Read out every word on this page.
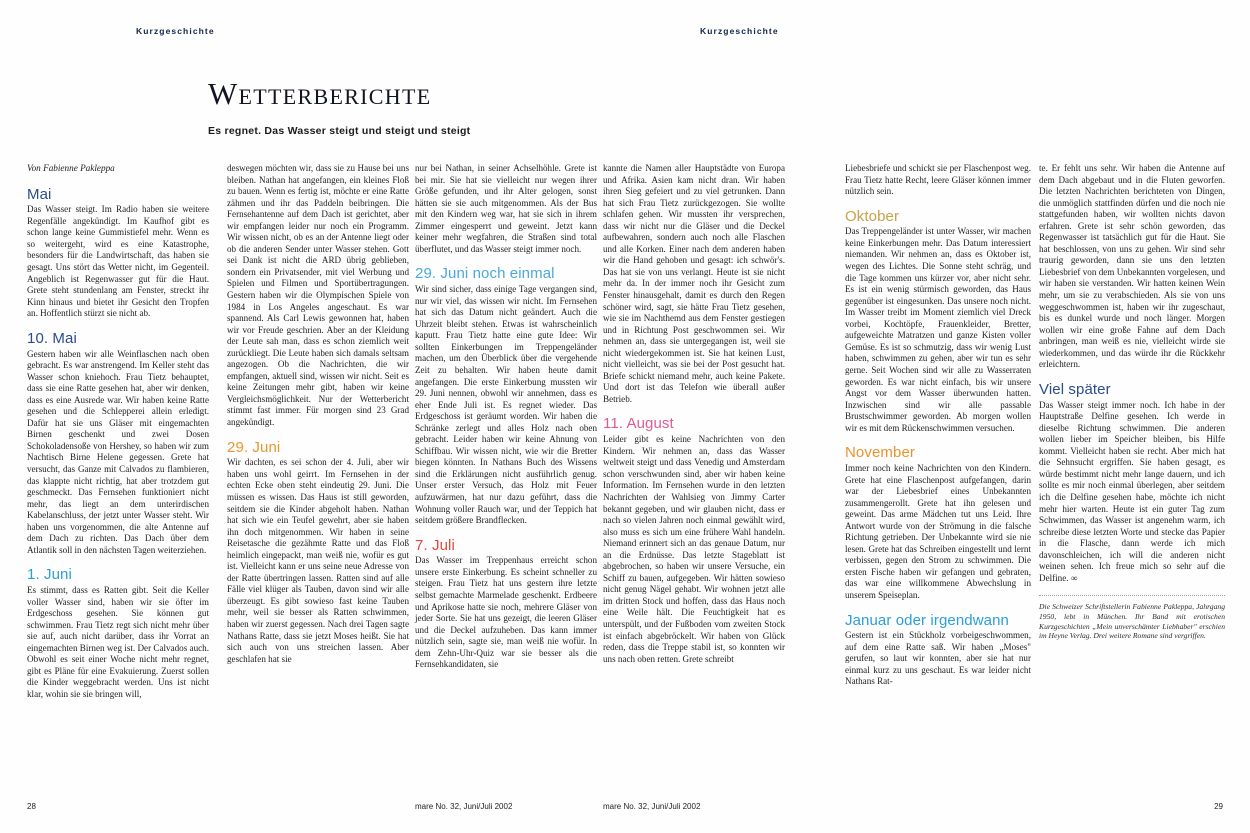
Kurzgeschichte	Kurzgeschichte
Wetterberichte
Es regnet. Das Wasser steigt und steigt und steigt
Von Fabienne Pakleppa
Mai

Das Wasser steigt. Im Radio haben sie weitere Regenfälle angekündigt. Im Kaufhof gibt es schon lange keine Gummistiefel mehr. Wenn es so weitergeht, wird es eine Katastrophe, besonders für die Landwirtschaft, das haben sie gesagt. Uns stört das Wetter nicht, im Gegenteil. Angeblich ist Regenwasser gut für die Haut. Grete steht stundenlang am Fenster, streckt ihr Kinn hinaus und bietet ihr Gesicht den Tropfen an. Hoffentlich stürzt sie nicht ab.

10. Mai

Gestern haben wir alle Weinflaschen nach oben gebracht. Es war anstrengend. Im Keller steht das Wasser schon kniehoch. Frau Tietz behauptet, dass sie eine Ratte gesehen hat, aber wir denken, dass es eine Ausrede war. Wir haben keine Ratte gesehen und die Schlepperei allein erledigt. Dafür hat sie uns Gläser mit eingemachten Birnen geschenkt und zwei Dosen Schokoladensoße von Hershey, so haben wir zum Nachtisch Birne Helene gegessen. Grete hat versucht, das Ganze mit Calvados zu flambieren, das klappte nicht richtig, hat aber trotzdem gut geschmeckt. Das Fernsehen funktioniert nicht mehr, das liegt an dem unterirdischen Kabelanschluss, der jetzt unter Wasser steht. Wir haben uns vorgenommen, die alte Antenne auf dem Dach zu richten. Das Dach über dem Atlantik soll in den nächsten Tagen weiterziehen.

1. Juni

Es stimmt, dass es Ratten gibt. Seit die Keller voller Wasser sind, haben wir sie öfter im Erdgeschoss gesehen. Sie können gut schwimmen. Frau Tietz regt sich nicht mehr über sie auf, auch nicht darüber, dass ihr Vorrat an eingemachten Birnen weg ist. Der Calvados auch. Obwohl es seit einer Woche nicht mehr regnet, gibt es Pläne für eine Evakuierung. Zuerst sollen die Kinder weggebracht werden. Uns ist nicht klar, wohin sie sie bringen will,

deswegen möchten wir, dass sie zu Hause bei uns bleiben. Nathan hat angefangen, ein kleines Floß zu bauen. Wenn es fertig ist, möchte er eine Ratte zähmen und ihr das Paddeln beibringen. Die Fernsehantenne auf dem Dach ist gerichtet, aber wir empfangen leider nur noch ein Programm. Wir wissen nicht, ob es an der Antenne liegt oder ob die anderen Sender unter Wasser stehen. Gott sei Dank ist nicht die ARD übrig geblieben, sondern ein Privatsender, mit viel Werbung und Spielen und Filmen und Sportübertragungen. Gestern haben wir die Olympischen Spiele von 1984 in Los Angeles angeschaut. Es war spannend. Als Carl Lewis gewonnen hat, haben wir vor Freude geschrien. Aber an der Kleidung der Leute sah man, dass es schon ziemlich weit zurückliegt. Die Leute haben sich damals seltsam angezogen. Ob die Nachrichten, die wir empfangen, aktuell sind, wissen wir nicht. Seit es keine Zeitungen mehr gibt, haben wir keine Vergleichsmöglichkeit. Nur der Wetterbericht stimmt fast immer. Für morgen sind 23 Grad angekündigt.

29. Juni

Wir dachten, es sei schon der 4. Juli, aber wir haben uns wohl geirrt. Im Fernsehen in der echten Ecke oben steht eindeutig 29. Juni. Die müssen es wissen. Das Haus ist still geworden, seitdem sie die Kinder abgeholt haben. Nathan hat sich wie ein Teufel gewehrt, aber sie haben ihn doch mitgenommen. Wir haben in seine Reisetasche die gezähmte Ratte und das Floß heimlich eingepackt, man weiß nie, wofür es gut ist. Vielleicht kann er uns seine neue Adresse von der Ratte übertringen lassen. Ratten sind auf alle Fälle viel klüger als Tauben, davon sind wir alle überzeugt. Es gibt sowieso fast keine Tauben mehr, weil sie besser als Ratten schwimmen, haben wir zuerst gegessen. Nach drei Tagen sagte Nathans Ratte, dass sie jetzt Moses heißt. Sie hat sich auch von uns streichen lassen. Aber geschlafen hat sie

nur bei Nathan, in seiner Achselhöhle. Grete ist bei mir. Sie hat sie vielleicht nur wegen ihrer Größe gefunden, und ihr Alter gelogen, sonst hätten sie sie auch mitgenommen. Als der Bus mit den Kindern weg war, hat sie sich in ihrem Zimmer eingesperrt und geweint. Jetzt kann keiner mehr wegfahren, die Straßen sind total überflutet, und das Wasser steigt immer noch.

29. Juni noch einmal

Wir sind sicher, dass einige Tage vergangen sind, nur wir viel, das wissen wir nicht. Im Fernsehen hat sich das Datum nicht geändert. Auch die Uhrzeit bleibt stehen. Etwas ist wahrscheinlich kaputt. Frau Tietz hatte eine gute Idee: Wir sollten Einkerbungen im Treppengeländer machen, um den Überblick über die vergehende Zeit zu behalten. Wir haben heute damit angefangen. Die erste Einkerbung mussten wir 29. Juni nennen, obwohl wir annehmen, dass es eher Ende Juli ist. Es regnet wieder. Das Erdgeschoss ist geräumt worden. Wir haben die Schränke zerlegt und alles Holz nach oben gebracht. Leider haben wir keine Ahnung von Schiffbau. Wir wissen nicht, wie wir die Bretter biegen könnten. In Nathans Buch des Wissens sind die Erklärungen nicht ausführlich genug. Unser erster Versuch, das Holz mit Feuer aufzuwärmen, hat nur dazu geführt, dass die Wohnung voller Rauch war, und der Teppich hat seitdem größere Brandflecken.

7. Juli

Das Wasser im Treppenhaus erreicht schon unsere erste Einkerbung. Es scheint schneller zu steigen. Frau Tietz hat uns gestern ihre letzte selbst gemachte Marmelade geschenkt. Erdbeere und Aprikose hatte sie noch, mehrere Gläser von jeder Sorte. Sie hat uns gezeigt, die leeren Gläser und die Deckel aufzuheben. Das kann immer nützlich sein, sagte sie, man weiß nie wofür. In dem Zehn-Uhr-Quiz war sie besser als die Fernsehkandidaten, sie

kannte die Namen aller Hauptstädte von Europa und Afrika. Asien kam nicht dran. Wir haben ihren Sieg gefeiert und zu viel getrunken. Dann hat sich Frau Tietz zurückgezogen. Sie wollte schlafen gehen. Wir mussten ihr versprechen, dass wir nicht nur die Gläser und die Deckel aufbewahren, sondern auch noch alle Flaschen und alle Korken. Einer nach dem anderen haben wir die Hand gehoben und gesagt: ich schwör's. Das hat sie von uns verlangt. Heute ist sie nicht mehr da. In der immer noch ihr Gesicht zum Fenster hinausgehalt, damit es durch den Regen schöner wird, sagt, sie hätte Frau Tietz gesehen, wie sie im Nachthemd aus dem Fenster gestiegen und in Richtung Post geschwommen sei. Wir nehmen an, dass sie untergegangen ist, weil sie nicht wiedergekommen ist. Sie hat keinen Lust, nicht vielleicht, was sie bei der Post gesucht hat. Briefe schickt niemand mehr, auch keine Pakete. Und dort ist das Telefon wie überall außer Betrieb.

11. August

Leider gibt es keine Nachrichten von den Kindern. Wir nehmen an, dass das Wasser weltweit steigt und dass Venedig und Amsterdam schon verschwunden sind, aber wir haben keine Information. Im Fernsehen wurde in den letzten Nachrichten der Wahlsieg von Jimmy Carter bekannt gegeben, und wir glauben nicht, dass er nach so vielen Jahren noch einmal gewählt wird, also muss es sich um eine frühere Wahl handeln. Niemand erinnert sich an das genaue Datum, nur an die Erdnüsse. Das letzte Stageblatt ist abgebrochen, so haben wir unsere Versuche, ein Schiff zu bauen, aufgegeben. Wir hätten sowieso nicht genug Nägel gehabt. Wir wohnen jetzt alle im dritten Stock und hoffen, dass das Haus noch eine Weile hält. Die Feuchtigkeit hat es unterspült, und der Fußboden vom zweiten Stock ist einfach abgebröckelt. Wir haben von Glück reden, dass die Treppe stabil ist, so konnten wir uns nach oben retten. Grete schreibt

Liebesbriefe und schickt sie per Flaschenpost weg. Frau Tietz hatte Recht, leere Gläser können immer nützlich sein.

Oktober

Das Treppengeländer ist unter Wasser, wir machen keine Einkerbungen mehr. Das Datum interessiert niemanden. Wir nehmen an, dass es Oktober ist, wegen des Lichtes. Die Sonne steht schräg, und die Tage kommen uns kürzer vor, aber nicht sehr. Es ist ein wenig stürmisch geworden, das Haus gegenüber ist eingesunken. Das unsere noch nicht. Im Wasser treibt im Moment ziemlich viel Dreck vorbei, Kochtöpfe, Frauenkleider, Bretter, aufgeweichte Matratzen und ganze Kisten voller Gemüse. Es ist so schmutzig, dass wir wenig Lust haben, schwimmen zu gehen, aber wir tun es sehr gerne. Seit Wochen sind wir alle zu Wasserraten geworden. Es war nicht einfach, bis wir unsere Angst vor dem Wasser überwunden hatten. Inzwischen sind wir alle passable Brustschwimmer geworden. Ab morgen wollen wir es mit dem Rückenschwimmen versuchen.

November

Immer noch keine Nachrichten von den Kindern. Grete hat eine Flaschenpost aufgefangen, darin war der Liebesbrief eines Unbekannten zusammengerollt. Grete hat ihn gelesen und geweint. Das arme Mädchen tut uns Leid. Ihre Antwort wurde von der Strömung in die falsche Richtung getrieben. Der Unbekannte wird sie nie lesen. Grete hat das Schreiben eingestellt und lernt verbissen, gegen den Strom zu schwimmen. Die ersten Fische haben wir gefangen und gebraten, das war eine willkommene Abwechslung in unserem Speiseplan.

Januar oder irgendwann

Gestern ist ein Stückholz vorbeigeschwommen, auf dem eine Ratte saß. Wir haben „Moses" gerufen, so laut wir konnten, aber sie hat nur einmal kurz zu uns geschaut. Es war leider nicht Nathans Rat-

te. Er fehlt uns sehr. Wir haben die Antenne auf dem Dach abgebaut und in die Fluten geworfen. Die letzten Nachrichten berichteten von Dingen, die unmöglich stattfinden dürfen und die noch nie stattgefunden haben, wir wollten nichts davon erfahren. Grete ist sehr schön geworden, das Regenwasser ist tatsächlich gut für die Haut. Sie hat beschlossen, von uns zu gehen. Wir sind sehr traurig geworden, dann sie uns den letzten Liebesbrief von dem Unbekannten vorgelesen, und wir haben sie verstanden. Wir hatten keinen Wein mehr, um sie zu verabschieden. Als sie von uns weggeschwommen ist, haben wir ihr zugeschaut, bis es dunkel wurde und noch länger. Morgen wollen wir eine große Fahne auf dem Dach anbringen, man weiß es nie, vielleicht wirde sie wiederkommen, und das würde ihr die Rückkehr erleichtern.

Viel später

Das Wasser steigt immer noch. Ich habe in der Hauptstraße Delfine gesehen. Ich werde in dieselbe Richtung schwimmen. Die anderen wollen lieber im Speicher bleiben, bis Hilfe kommt. Vielleicht haben sie recht. Aber mich hat die Sehnsucht ergriffen. Sie haben gesagt, es würde bestimmt nicht mehr lange dauern, und ich sollte es mir noch einmal überlegen, aber seitdem ich die Delfine gesehen habe, möchte ich nicht mehr hier warten. Heute ist ein guter Tag zum Schwimmen, das Wasser ist angenehm warm, ich schreibe diese letzten Worte und stecke das Papier in die Flasche, dann werde ich mich davonschleichen, ich will die anderen nicht weinen sehen. Ich freue mich so sehr auf die Delfine. ∞

Die Schweizer Schriftstellerin Fabienne Pakleppa, Jahrgang 1950, lebt in München. Ihr Band mit erotischen Kurzgeschichten „Mein unverschämter Liebhaber" erschien im Heyne Verlag. Drei weitere Romane sind vergriffen.
28	mare No. 32, Juni/Juli 2002	mare No. 32, Juni/Juli 2002	29
